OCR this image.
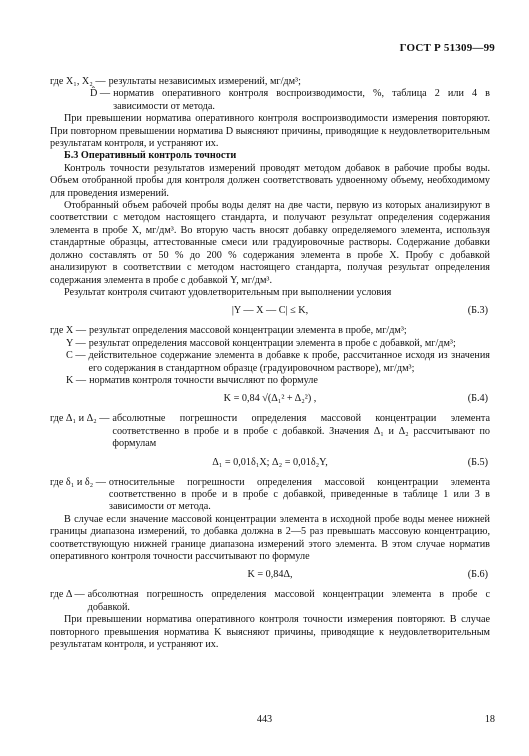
ГОСТ Р 51309—99
где X₁, X₂ — результаты независимых измерений, мг/дм³;
D̂ — норматив оперативного контроля воспроизводимости, %, таблица 2 или 4 в зависимости от метода.

При превышении норматива оперативного контроля воспроизводимости измерения повторяют. При повторном превышении норматива D выясняют причины, приводящие к неудовлетворительным результатам контроля, и устраняют их.

Б.3 Оперативный контроль точности

Контроль точности результатов измерений проводят методом добавок в рабочие пробы воды. Объем отобранной пробы для контроля должен соответствовать удвоенному объему, необходимому для проведения измерений.

Отобранный объем рабочей пробы воды делят на две части, первую из которых анализируют в соответствии с методом настоящего стандарта, и получают результат определения содержания элемента в пробе X, мг/дм³. Во вторую часть вносят добавку определяемого элемента, используя стандартные образцы, аттестованные смеси или градуировочные растворы. Содержание добавки должно составлять от 50 % до 200 % содержания элемента в пробе X. Пробу с добавкой анализируют в соответствии с методом настоящего стандарта, получая результат определения содержания элемента в пробе с добавкой Y, мг/дм³.

Результат контроля считают удовлетворительным при выполнении условия

|Y — X — C| ≤ K,	(Б.3)
где X — результат определения массовой концентрации элемента в пробе, мг/дм³;
Y — результат определения массовой концентрации элемента в пробе с добавкой, мг/дм³;
C — действительное содержание элемента в добавке к пробе, рассчитанное исходя из значения его содержания в стандартном образце (градуировочном растворе), мг/дм³;
K — норматив контроля точности вычисляют по формуле
K = 0,84 √(Δ₁² + Δ₂²) ,	(Б.4)
где Δ₁ и Δ₂ — абсолютные погрешности определения массовой концентрации элемента соответственно в пробе и в пробе с добавкой. Значения Δ₁ и Δ₂ рассчитывают по формулам
Δ₁ = 0,01δ₁X; Δ₂ = 0,01δ₂Y,	(Б.5)
где δ₁ и δ₂ — относительные погрешности определения массовой концентрации элемента соответственно в пробе и в пробе с добавкой, приведенные в таблице 1 или 3 в зависимости от метода.

В случае если значение массовой концентрации элемента в исходной пробе воды менее нижней границы диапазона измерений, то добавка должна в 2—5 раз превышать массовую концентрацию, соответствующую нижней границе диапазона измерений этого элемента. В этом случае норматив оперативного контроля точности рассчитывают по формуле

K = 0,84Δ,	(Б.6)
где Δ — абсолютная погрешность определения массовой концентрации элемента в пробе с добавкой.

При превышении норматива оперативного контроля точности измерения повторяют. В случае повторного превышения норматива K выясняют причины, приводящие к неудовлетворительным результатам контроля, и устраняют их.

443	18
